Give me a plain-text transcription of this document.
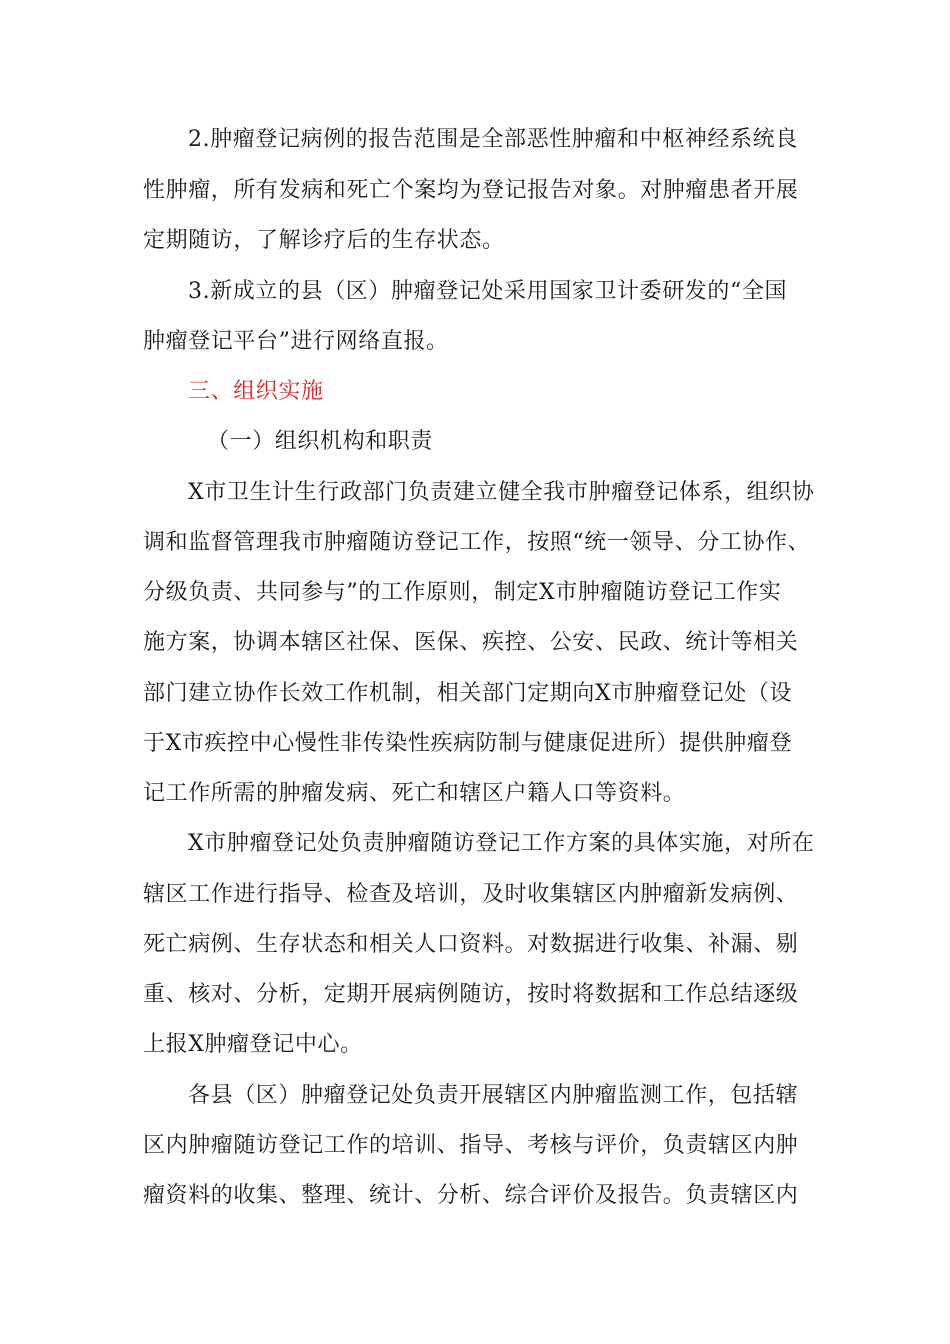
2.肿瘤登记病例的报告范围是全部恶性肿瘤和中枢神经系统良
性肿瘤，所有发病和死亡个案均为登记报告对象。对肿瘤患者开展
定期随访，了解诊疗后的生存状态。
3.新成立的县（区）肿瘤登记处采用国家卫计委研发的“全国
肿瘤登记平台”进行网络直报。
三、组织实施
（一）组织机构和职责
X市卫生计生行政部门负责建立健全我市肿瘤登记体系，组织协
调和监督管理我市肿瘤随访登记工作，按照“统一领导、分工协作、
分级负责、共同参与”的工作原则，制定X市肿瘤随访登记工作实
施方案，协调本辖区社保、医保、疾控、公安、民政、统计等相关
部门建立协作长效工作机制，相关部门定期向X市肿瘤登记处（设
于X市疾控中心慢性非传染性疾病防制与健康促进所）提供肿瘤登
记工作所需的肿瘤发病、死亡和辖区户籍人口等资料。
X市肿瘤登记处负责肿瘤随访登记工作方案的具体实施，对所在
辖区工作进行指导、检查及培训，及时收集辖区内肿瘤新发病例、
死亡病例、生存状态和相关人口资料。对数据进行收集、补漏、剔
重、核对、分析，定期开展病例随访，按时将数据和工作总结逐级
上报X肿瘤登记中心。
各县（区）肿瘤登记处负责开展辖区内肿瘤监测工作，包括辖
区内肿瘤随访登记工作的培训、指导、考核与评价，负责辖区内肿
瘤资料的收集、整理、统计、分析、综合评价及报告。负责辖区内
